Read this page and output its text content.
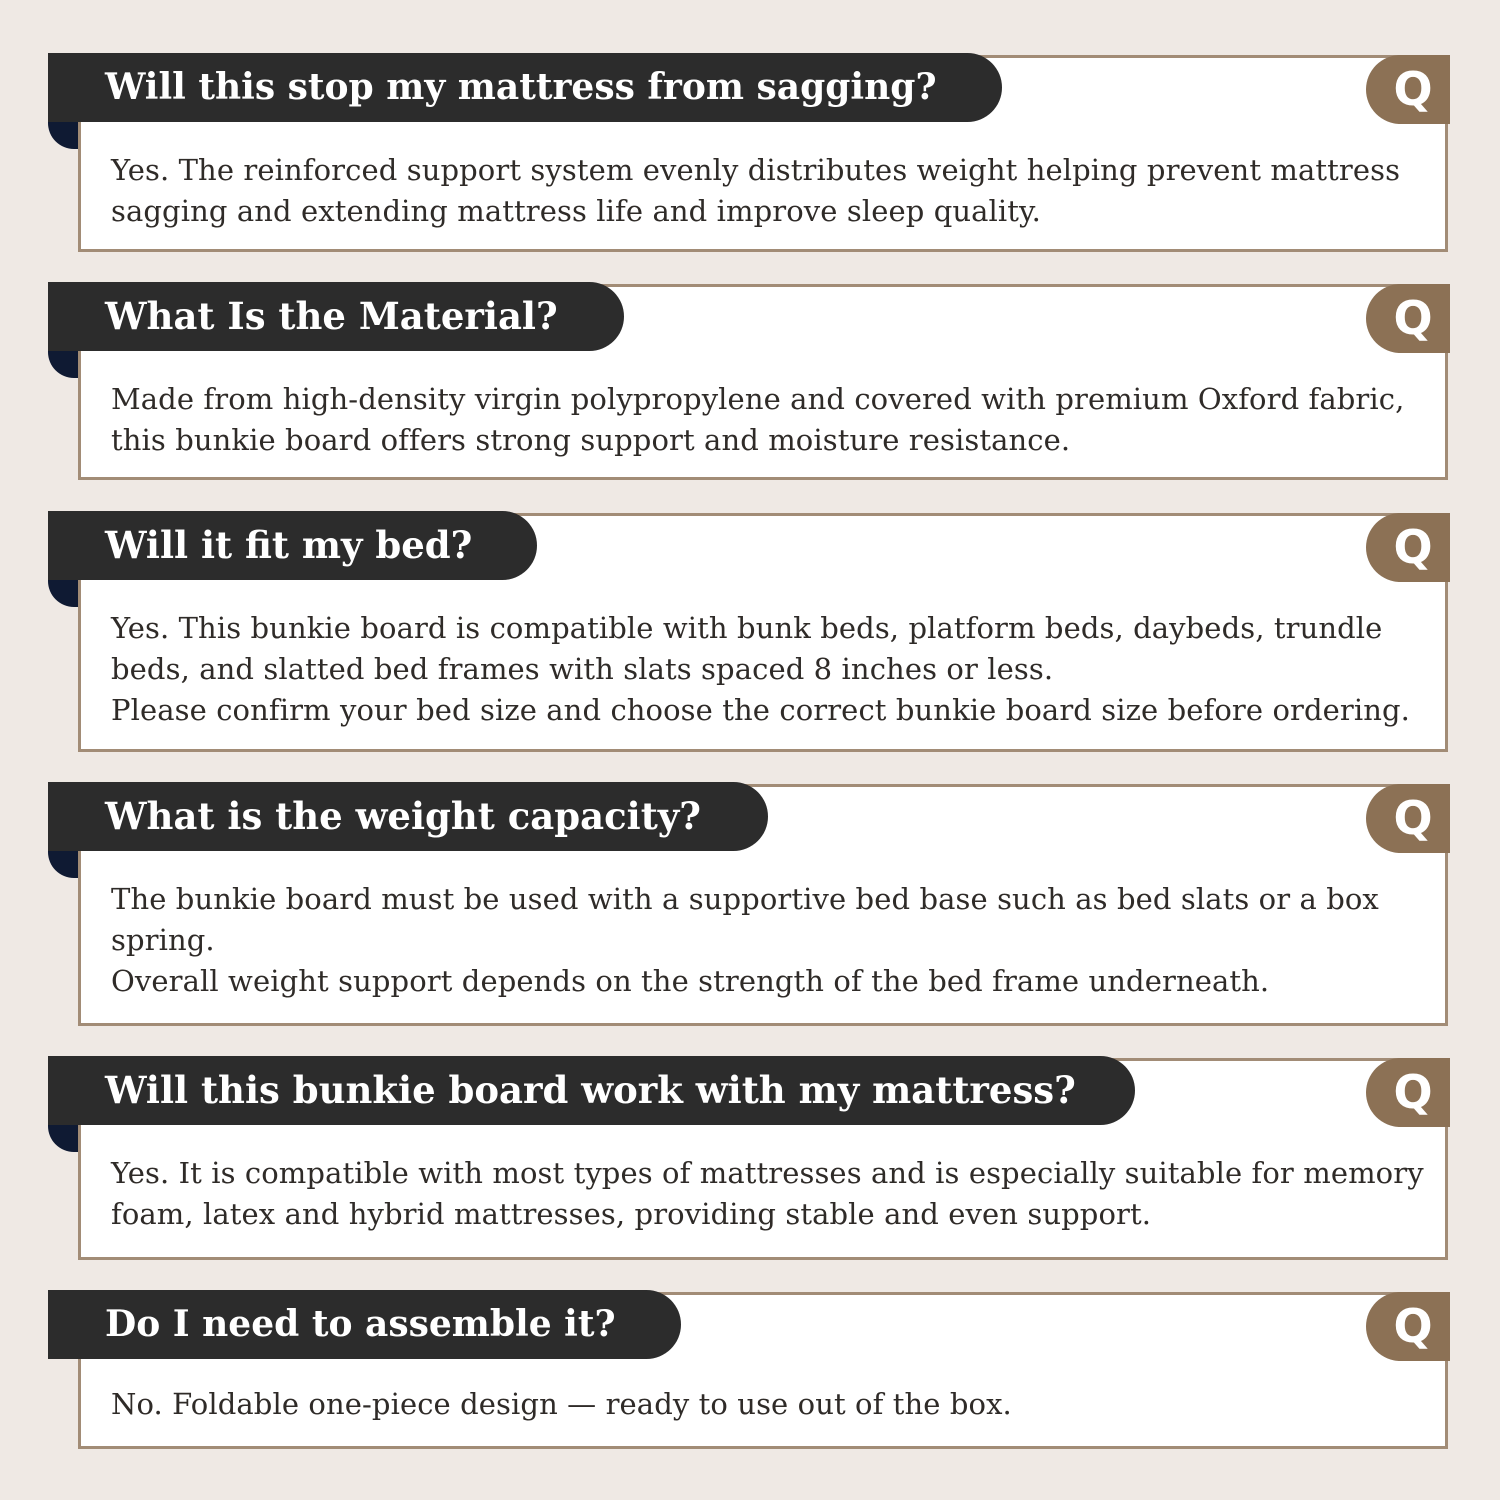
Yes. The reinforced support system evenly distributes weight helping prevent mattress sagging and extending mattress life and improve sleep quality.

Will this stop my mattress from sagging?	Q

Made from high-density virgin polypropylene and covered with premium Oxford fabric, this bunkie board offers strong support and moisture resistance.

What Is the Material?	Q

Yes. This bunkie board is compatible with bunk beds, platform beds, daybeds, trundle beds, and slatted bed frames with slats spaced 8 inches or less.
Please confirm your bed size and choose the correct bunkie board size before ordering.

Will it fit my bed?	Q

The bunkie board must be used with a supportive bed base such as bed slats or a box spring.
Overall weight support depends on the strength of the bed frame underneath.

What is the weight capacity?	Q

Yes. It is compatible with most types of mattresses and is especially suitable for memory foam, latex and hybrid mattresses, providing stable and even support.

Will this bunkie board work with my mattress?	Q

No. Foldable one-piece design — ready to use out of the box.

Do I need to assemble it?	Q
